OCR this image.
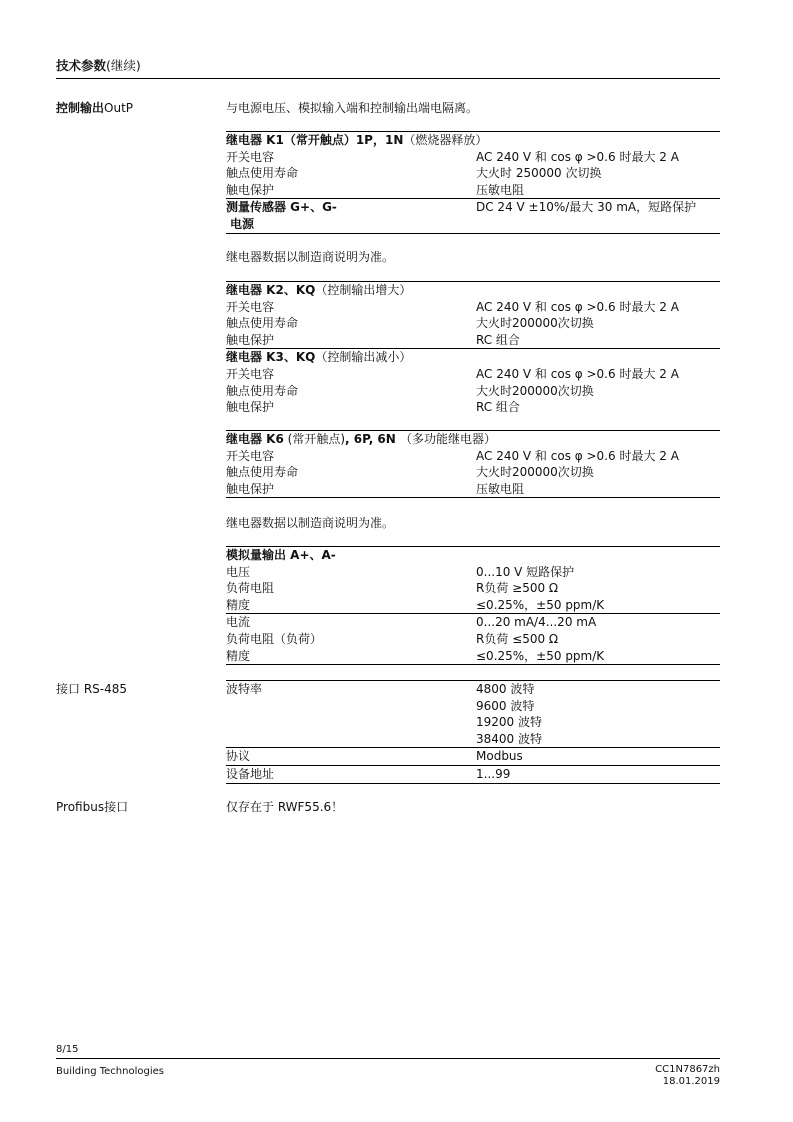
技术参数(继续)
控制输出OutP	与电源电压、模拟输入端和控制输出端电隔离。
继电器 K1（常开触点）1P，1N（燃烧器释放）
开关电容	AC 240 V 和 cos φ >0.6 时最大 2 A
触点使用寿命	大火时 250000 次切换
触电保护	压敏电阻
测量传感器 G+、G-	DC 24 V ±10%/最大 30 mA，短路保护
电源
继电器数据以制造商说明为准。
继电器 K2、KQ（控制输出增大）
开关电容	AC 240 V 和 cos φ >0.6 时最大 2 A
触点使用寿命	大火时200000次切换
触电保护	RC 组合
继电器 K3、KQ（控制输出减小）
开关电容	AC 240 V 和 cos φ >0.6 时最大 2 A
触点使用寿命	大火时200000次切换
触电保护	RC 组合
继电器 K6 (常开触点), 6P, 6N （多功能继电器）
开关电容	AC 240 V 和 cos φ >0.6 时最大 2 A
触点使用寿命	大火时200000次切换
触电保护	压敏电阻
继电器数据以制造商说明为准。
模拟量输出 A+、A-
电压	0...10 V 短路保护
负荷电阻	R负荷 ≥500 Ω
精度	≤0.25%，±50 ppm/K
电流	0...20 mA/4...20 mA
负荷电阻（负荷）	R负荷 ≤500 Ω
精度	≤0.25%，±50 ppm/K
接口 RS-485	波特率	4800 波特
9600 波特
19200 波特
38400 波特
协议	Modbus
设备地址	1...99
Profibus接口	仅存在于 RWF55.6！
8/15
Building Technologies	CC1N7867zh
18.01.2019
